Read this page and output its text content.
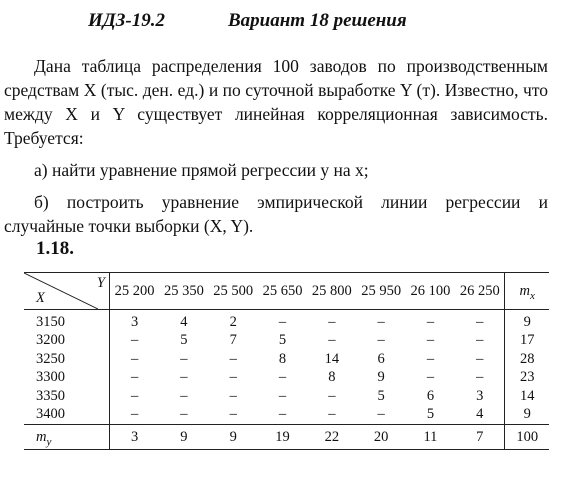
ИДЗ-19.2	Вариант 18 решения

Дана таблица распределения 100 заводов по производственным средствам X (тыс. ден. ед.) и по суточной выработке Y (т). Известно, что между X и Y существует линейная корреляционная зависимость. Требуется:

а) найти уравнение прямой регрессии y на x;

б) построить уравнение эмпирической линии регрессии и случайные точки выборки (X, Y).

1.18.
Y
X	25 200	25 350	25 500	25 650	25 800	25 950	26 100	26 250	$m_x$
3150	3	4	2	–	–	–	–	–	9
3200	–	5	7	5	–	–	–	–	17
3250	–	–	–	8	14	6	–	–	28
3300	–	–	–	–	8	9	–	–	23
3350	–	–	–	–	–	5	6	3	14
3400	–	–	–	–	–	–	5	4	9
$m_y$	3	9	9	19	22	20	11	7	100
